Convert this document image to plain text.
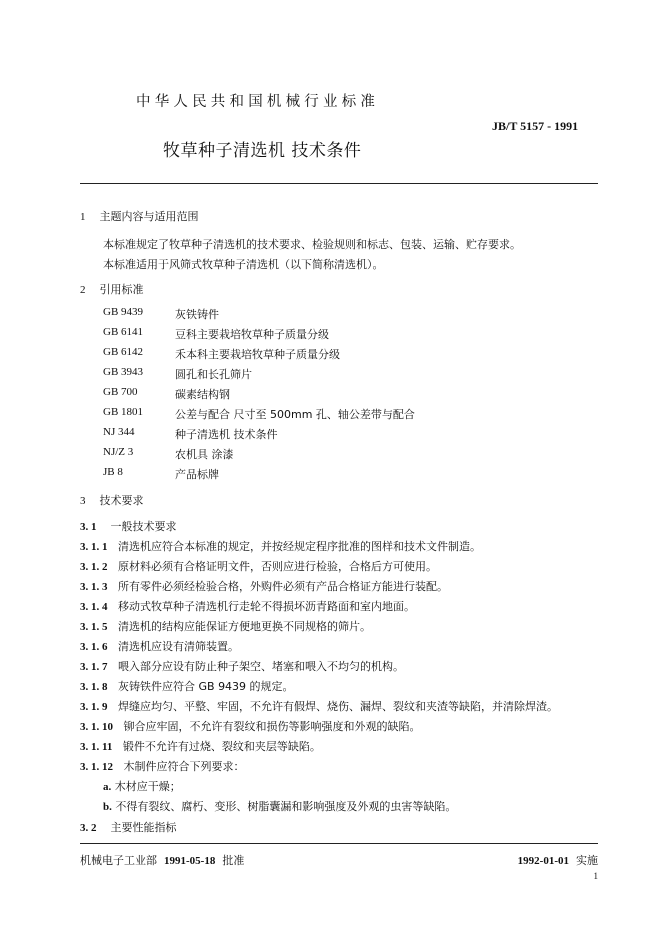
中华人民共和国机械行业标准
JB/T 5157 - 1991
牧草种子清选机 技术条件
1 主题内容与适用范围
本标准规定了牧草种子清选机的技术要求、检验规则和标志、包装、运输、贮存要求。
本标准适用于风筛式牧草种子清选机（以下简称清选机）。
2 引用标准
GB 9439	灰铁铸件
GB 6141	豆科主要栽培牧草种子质量分级
GB 6142	禾本科主要栽培牧草种子质量分级
GB 3943	圆孔和长孔筛片
GB 700	碳素结构钢
GB 1801	公差与配合 尺寸至 500mm 孔、轴公差带与配合
NJ 344	种子清选机 技术条件
NJ/Z 3	农机具 涂漆
JB 8	产品标牌
3 技术要求
3. 1 一般技术要求
3. 1. 1 清选机应符合本标准的规定，并按经规定程序批准的图样和技术文件制造。
3. 1. 2 原材料必须有合格证明文件，否则应进行检验，合格后方可使用。
3. 1. 3 所有零件必须经检验合格，外购件必须有产品合格证方能进行装配。
3. 1. 4 移动式牧草种子清选机行走轮不得损坏沥青路面和室内地面。
3. 1. 5 清选机的结构应能保证方便地更换不同规格的筛片。
3. 1. 6 清选机应设有清筛装置。
3. 1. 7 喂入部分应设有防止种子架空、堵塞和喂入不均匀的机构。
3. 1. 8 灰铸铁件应符合 GB 9439 的规定。
3. 1. 9 焊缝应均匀、平整、牢固，不允许有假焊、烧伤、漏焊、裂纹和夹渣等缺陷，并清除焊渣。
3. 1. 10 铆合应牢固，不允许有裂纹和损伤等影响强度和外观的缺陷。
3. 1. 11 锻件不允许有过烧、裂纹和夹层等缺陷。
3. 1. 12 木制件应符合下列要求：
a. 木材应干燥；
b. 不得有裂纹、腐朽、变形、树脂囊漏和影响强度及外观的虫害等缺陷。
3. 2 主要性能指标
机械电子工业部 1991-05-18 批准	1992-01-01 实施
1
